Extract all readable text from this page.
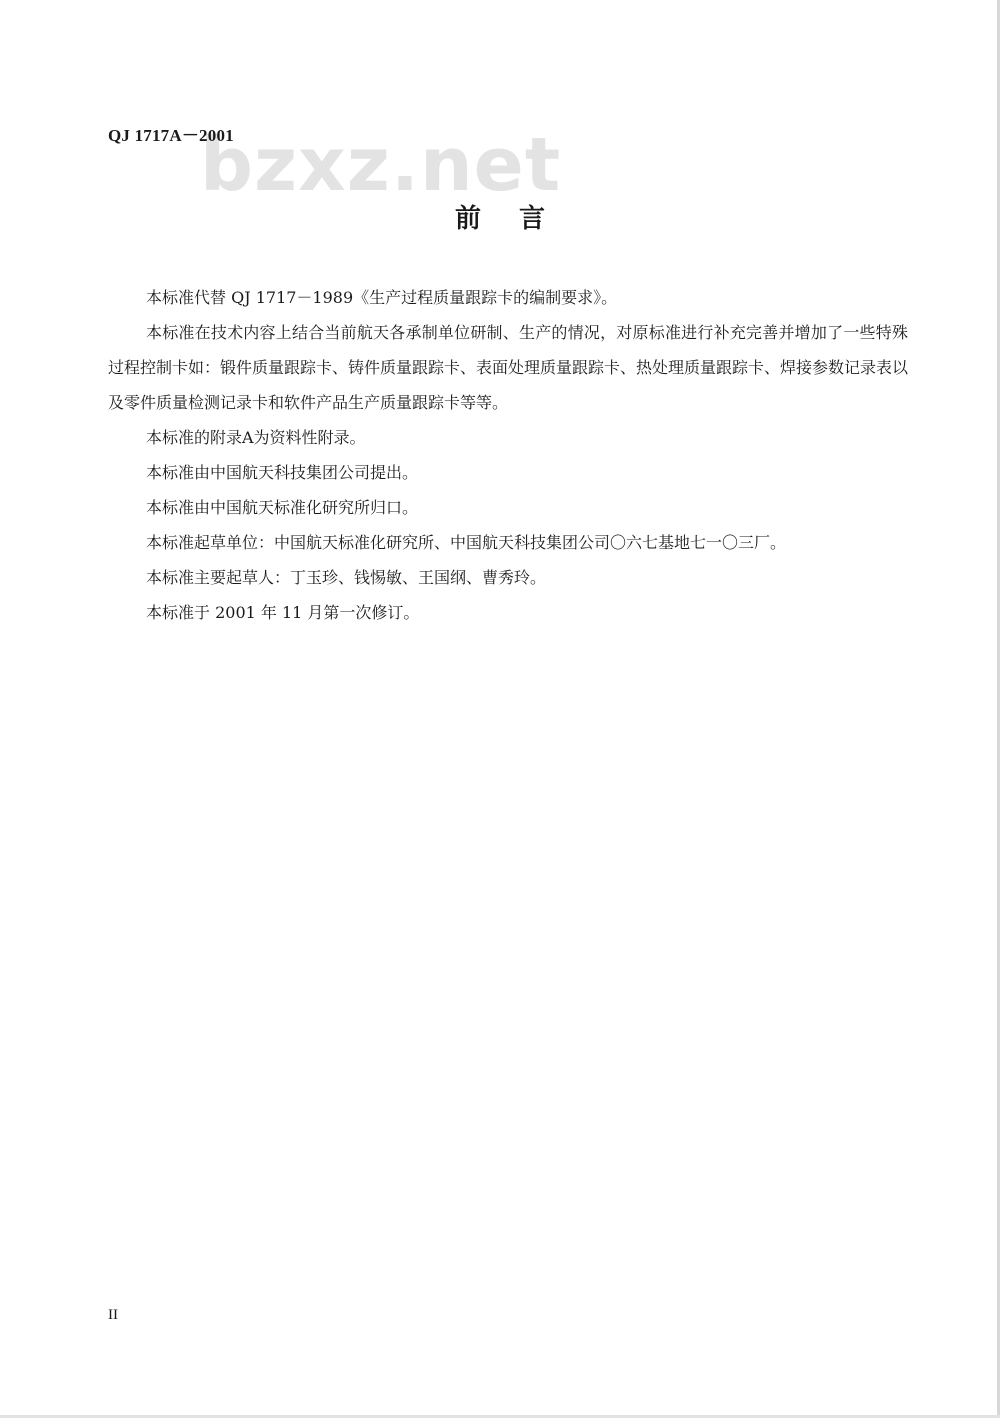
bzxz.net
QJ 1717A－2001
前言

本标准代替 QJ 1717－1989《生产过程质量跟踪卡的编制要求》。

本标准在技术内容上结合当前航天各承制单位研制、生产的情况，对原标准进行补充完善并增加了一些特殊过程控制卡如：锻件质量跟踪卡、铸件质量跟踪卡、表面处理质量跟踪卡、热处理质量跟踪卡、焊接参数记录表以及零件质量检测记录卡和软件产品生产质量跟踪卡等等。

本标准的附录A为资料性附录。

本标准由中国航天科技集团公司提出。

本标准由中国航天标准化研究所归口。

本标准起草单位：中国航天标准化研究所、中国航天科技集团公司〇六七基地七一〇三厂。

本标准主要起草人：丁玉珍、钱惕敏、王国纲、曹秀玲。

本标准于 2001 年 11 月第一次修订。

II
